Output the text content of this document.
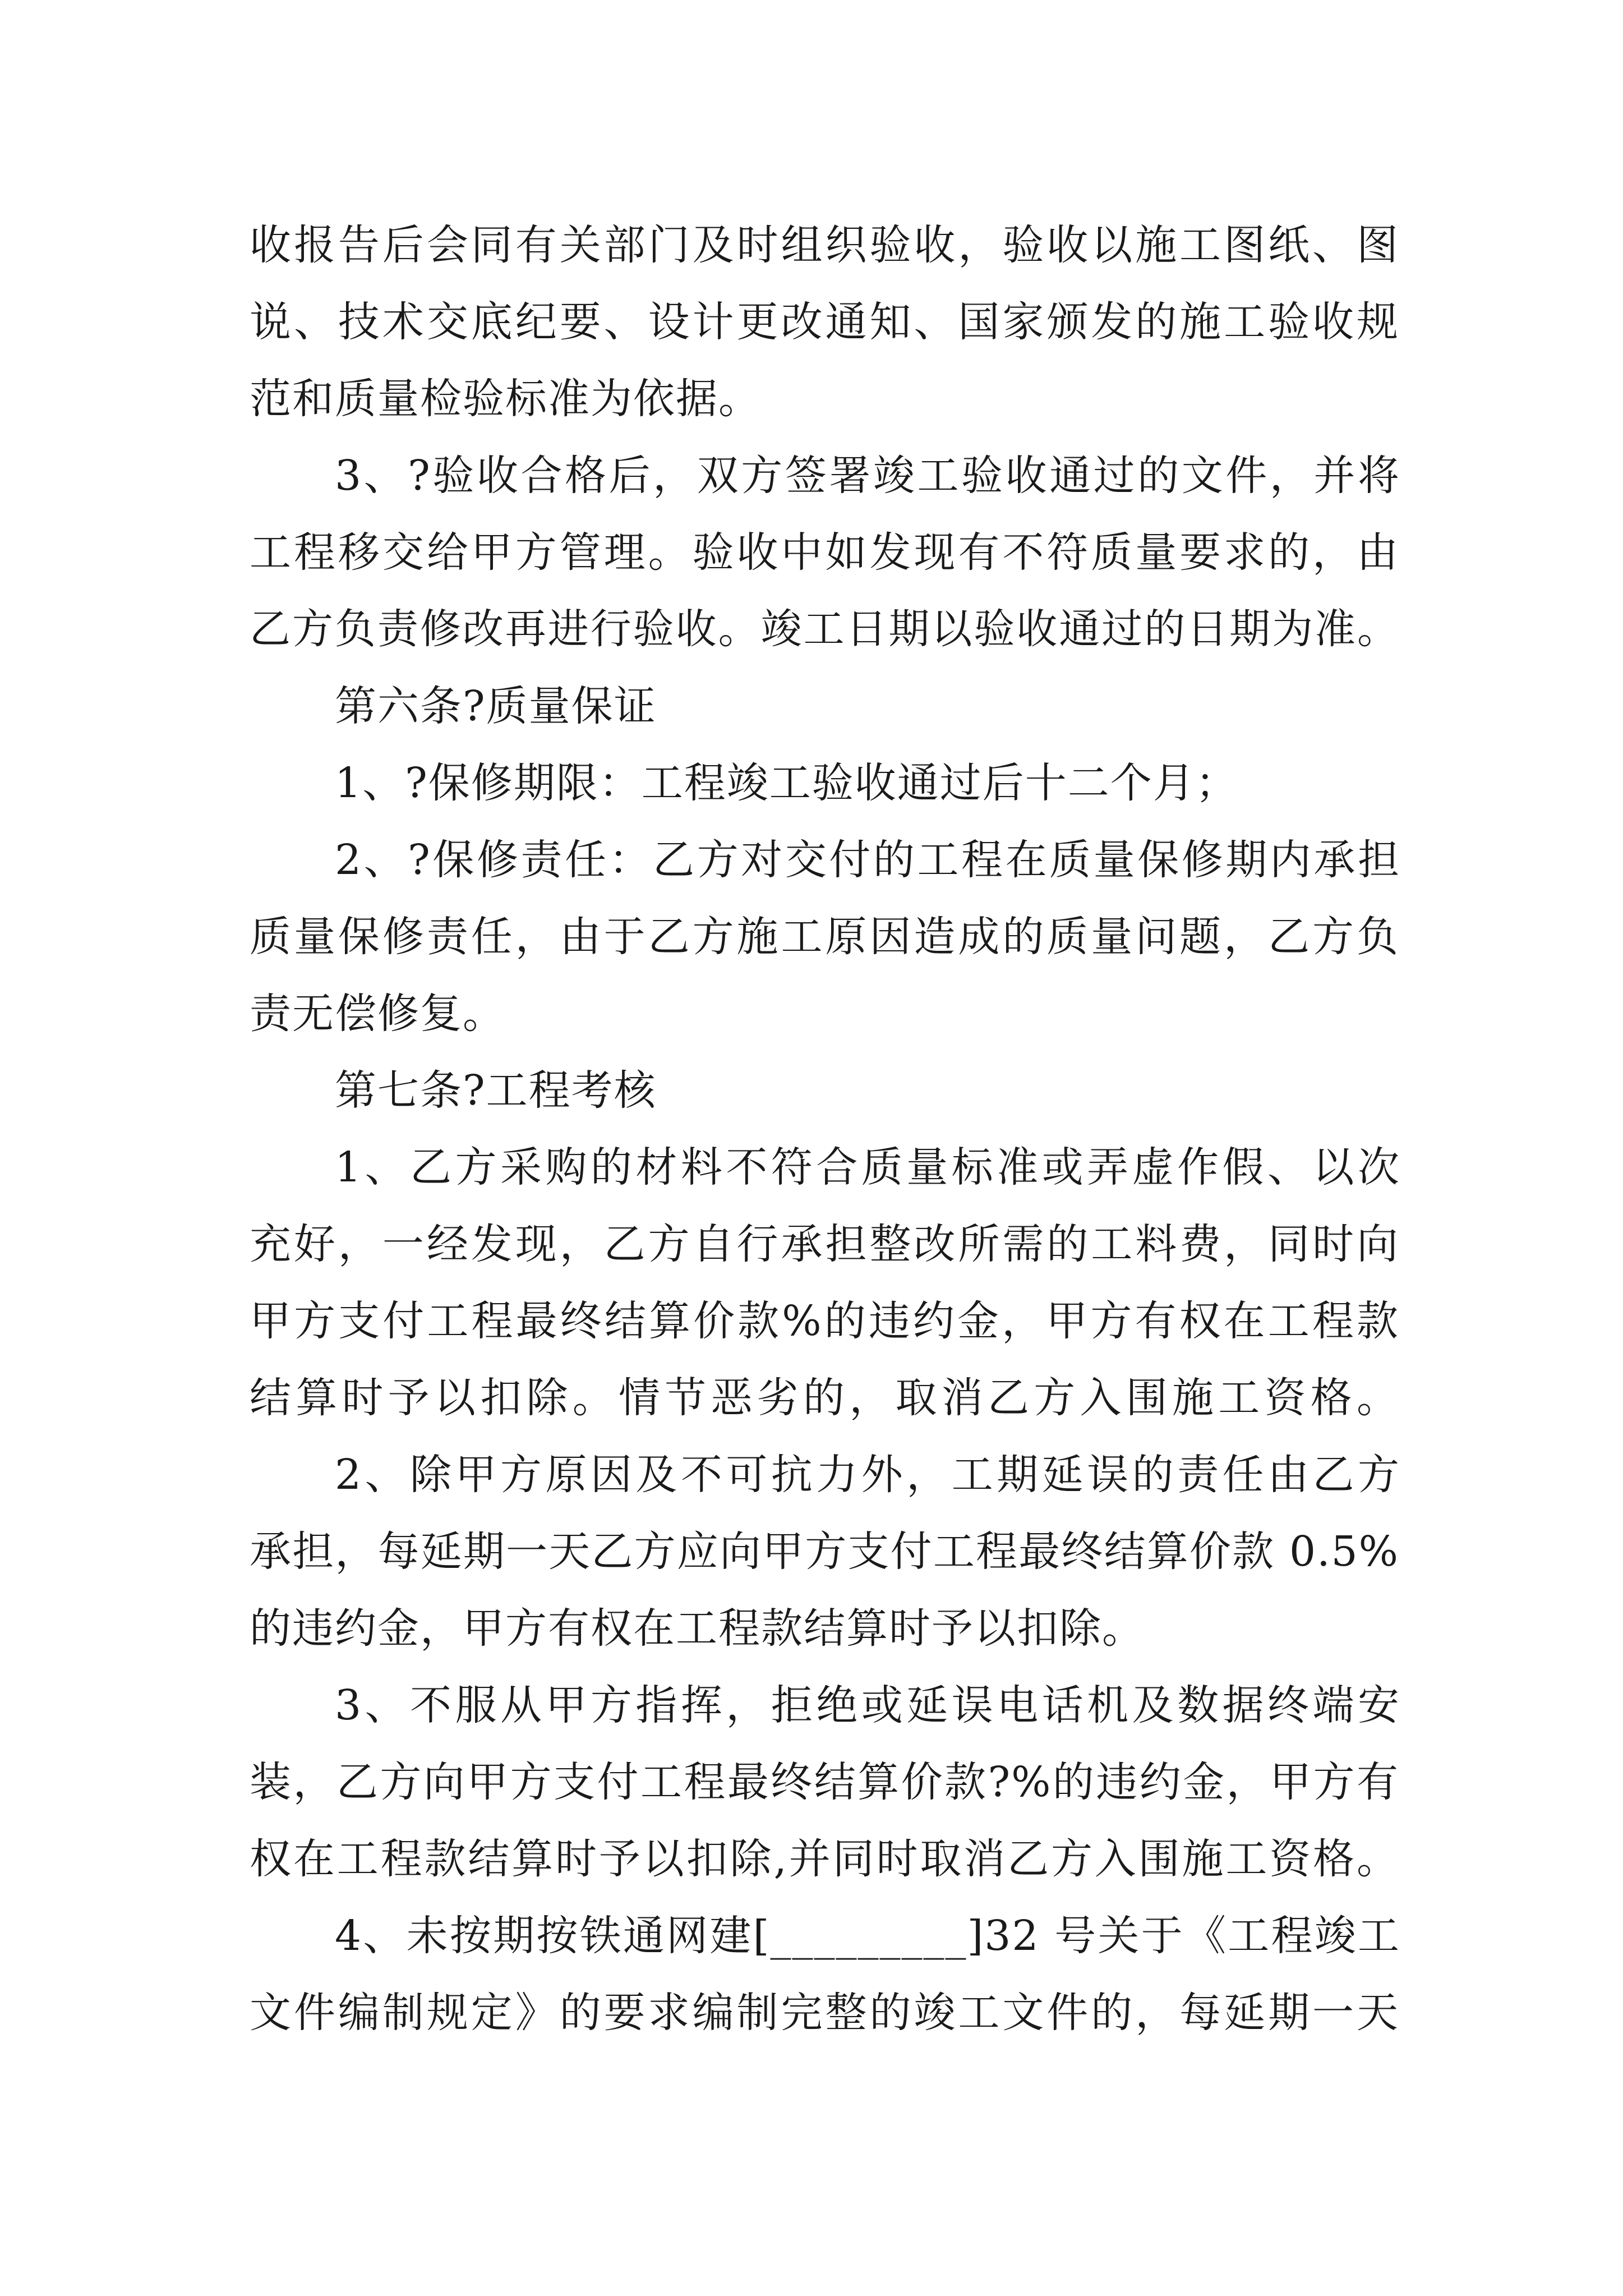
收报告后会同有关部门及时组织验收，验收以施工图纸、图
说、技术交底纪要、设计更改通知、国家颁发的施工验收规
范和质量检验标准为依据。
3、?验收合格后，双方签署竣工验收通过的文件，并将
工程移交给甲方管理。验收中如发现有不符质量要求的，由
乙方负责修改再进行验收。竣工日期以验收通过的日期为准。
第六条?质量保证
1、?保修期限：工程竣工验收通过后十二个月；
2、?保修责任：乙方对交付的工程在质量保修期内承担
质量保修责任，由于乙方施工原因造成的质量问题，乙方负
责无偿修复。
第七条?工程考核
1、乙方采购的材料不符合质量标准或弄虚作假、以次
充好，一经发现，乙方自行承担整改所需的工料费，同时向
甲方支付工程最终结算价款%的违约金，甲方有权在工程款
结算时予以扣除。情节恶劣的，取消乙方入围施工资格。
2、除甲方原因及不可抗力外，工期延误的责任由乙方
承担，每延期一天乙方应向甲方支付工程最终结算价款 0.5%
的违约金，甲方有权在工程款结算时予以扣除。
3、不服从甲方指挥，拒绝或延误电话机及数据终端安
装，乙方向甲方支付工程最终结算价款?%的违约金，甲方有
权在工程款结算时予以扣除,并同时取消乙方入围施工资格。
4、未按期按铁通网建[_________]32 号关于《工程竣工
文件编制规定》的要求编制完整的竣工文件的，每延期一天
